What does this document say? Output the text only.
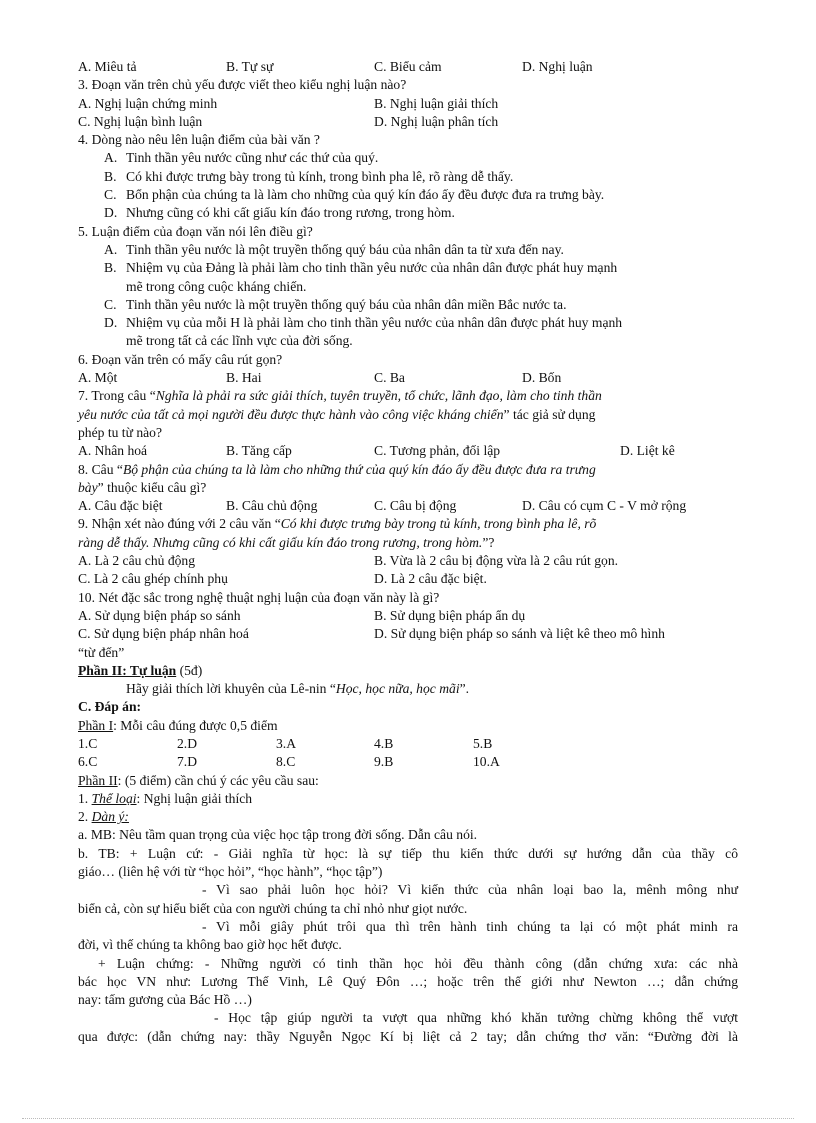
A. Miêu tả	B. Tự sự	C. Biểu cảm	D. Nghị luận
3. Đoạn văn trên chủ yếu được viết theo kiểu nghị luận nào?
A. Nghị luận chứng minh	B. Nghị luận giải thích
C. Nghị luận bình luận	D. Nghị luận phân tích
4. Dòng nào nêu lên luận điểm của bài văn ?
A. Tinh thần yêu nước cũng như các thứ của quý.
B. Có khi được trưng bày trong tủ kính, trong bình pha lê, rõ ràng dễ thấy.
C. Bổn phận của chúng ta là làm cho những của quý kín đáo ấy đều được đưa ra trưng bày.
D. Nhưng cũng có khi cất giấu kín đáo trong rương, trong hòm.
5. Luận điểm của đoạn văn nói lên điều gì?
A. Tinh thần yêu nước là một truyền thống quý báu của nhân dân ta từ xưa đến nay.
B. Nhiệm vụ của Đảng là phải làm cho tinh thần yêu nước của nhân dân được phát huy mạnh
mẽ trong công cuộc kháng chiến.
C. Tinh thần yêu nước là một truyền thống quý báu của nhân dân miền Bắc nước ta.
D. Nhiệm vụ của mỗi H là phải làm cho tinh thần yêu nước của nhân dân được phát huy mạnh
mẽ trong tất cả các lĩnh vực của đời sống.
6. Đoạn văn trên có mấy câu rút gọn?
A. Một	B. Hai	C. Ba	D. Bốn
7. Trong câu “Nghĩa là phải ra sức giải thích, tuyên truyền, tổ chức, lãnh đạo, làm cho tinh thần
yêu nước của tất cả mọi người đều được thực hành vào công việc kháng chiến” tác giả sử dụng
phép tu từ nào?
A. Nhân hoá	B. Tăng cấp	C. Tương phản, đối lập	D. Liệt kê
8. Câu “Bộ phận của chúng ta là làm cho những thứ của quý kín đáo ấy đều được đưa ra trưng
bày” thuộc kiểu câu gì?
A. Câu đặc biệt	B. Câu chủ động	C. Câu bị động	D. Câu có cụm C - V mở rộng
9. Nhận xét nào đúng với 2 câu văn “Có khi được trưng bày trong tủ kính, trong bình pha lê, rõ
ràng dễ thấy. Nhưng cũng có khi cất giấu kín đáo trong rương, trong hòm.”?
A. Là 2 câu chủ động	B. Vừa là 2 câu bị động vừa là 2 câu rút gọn.
C. Là 2 câu ghép chính phụ	D. Là 2 câu đặc biệt.
10. Nét đặc sắc trong nghệ thuật nghị luận của đoạn văn này là gì?
A. Sử dụng biện pháp so sánh	B. Sử dụng biện pháp ẩn dụ
C. Sử dụng biện pháp nhân hoá	D. Sử dụng biện pháp so sánh và liệt kê theo mô hình
“từ đến”
Phần II: Tự luận (5đ)
Hãy giải thích lời khuyên của Lê-nin “Học, học nữa, học mãi”.
C. Đáp án:
Phần I: Mỗi câu đúng được 0,5 điểm
1.C	2.D	3.A	4.B	5.B
6.C	7.D	8.C	9.B	10.A
Phần II: (5 điểm) cần chú ý các yêu cầu sau:
1. Thể loại: Nghị luận giải thích
2. Dàn ý:
a. MB: Nêu tầm quan trọng của việc học tập trong đời sống. Dẫn câu nói.
b. TB: + Luận cứ: - Giải nghĩa từ học: là sự tiếp thu kiến thức dưới sự hướng dẫn của thầy cô
giáo… (liên hệ với từ “học hỏi”, “học hành”, “học tập”)
- Vì sao phải luôn học hỏi? Vì kiến thức của nhân loại bao la, mênh mông như
biển cả, còn sự hiểu biết của con người chúng ta chỉ nhỏ như giọt nước.
- Vì mỗi giây phút trôi qua thì trên hành tinh chúng ta lại có một phát minh ra
đời, vì thế chúng ta không bao giờ học hết được.
+ Luận chứng: - Những người có tinh thần học hỏi đều thành công (dẫn chứng xưa: các nhà
bác học VN như: Lương Thế Vinh, Lê Quý Đôn …; hoặc trên thế giới như Newton …; dẫn chứng
nay: tấm gương của Bác Hồ …)
- Học tập giúp người ta vượt qua những khó khăn tưởng chừng không thể vượt
qua được: (dẫn chứng nay: thầy Nguyễn Ngọc Kí bị liệt cả 2 tay; dẫn chứng thơ văn: “Đường đời là
